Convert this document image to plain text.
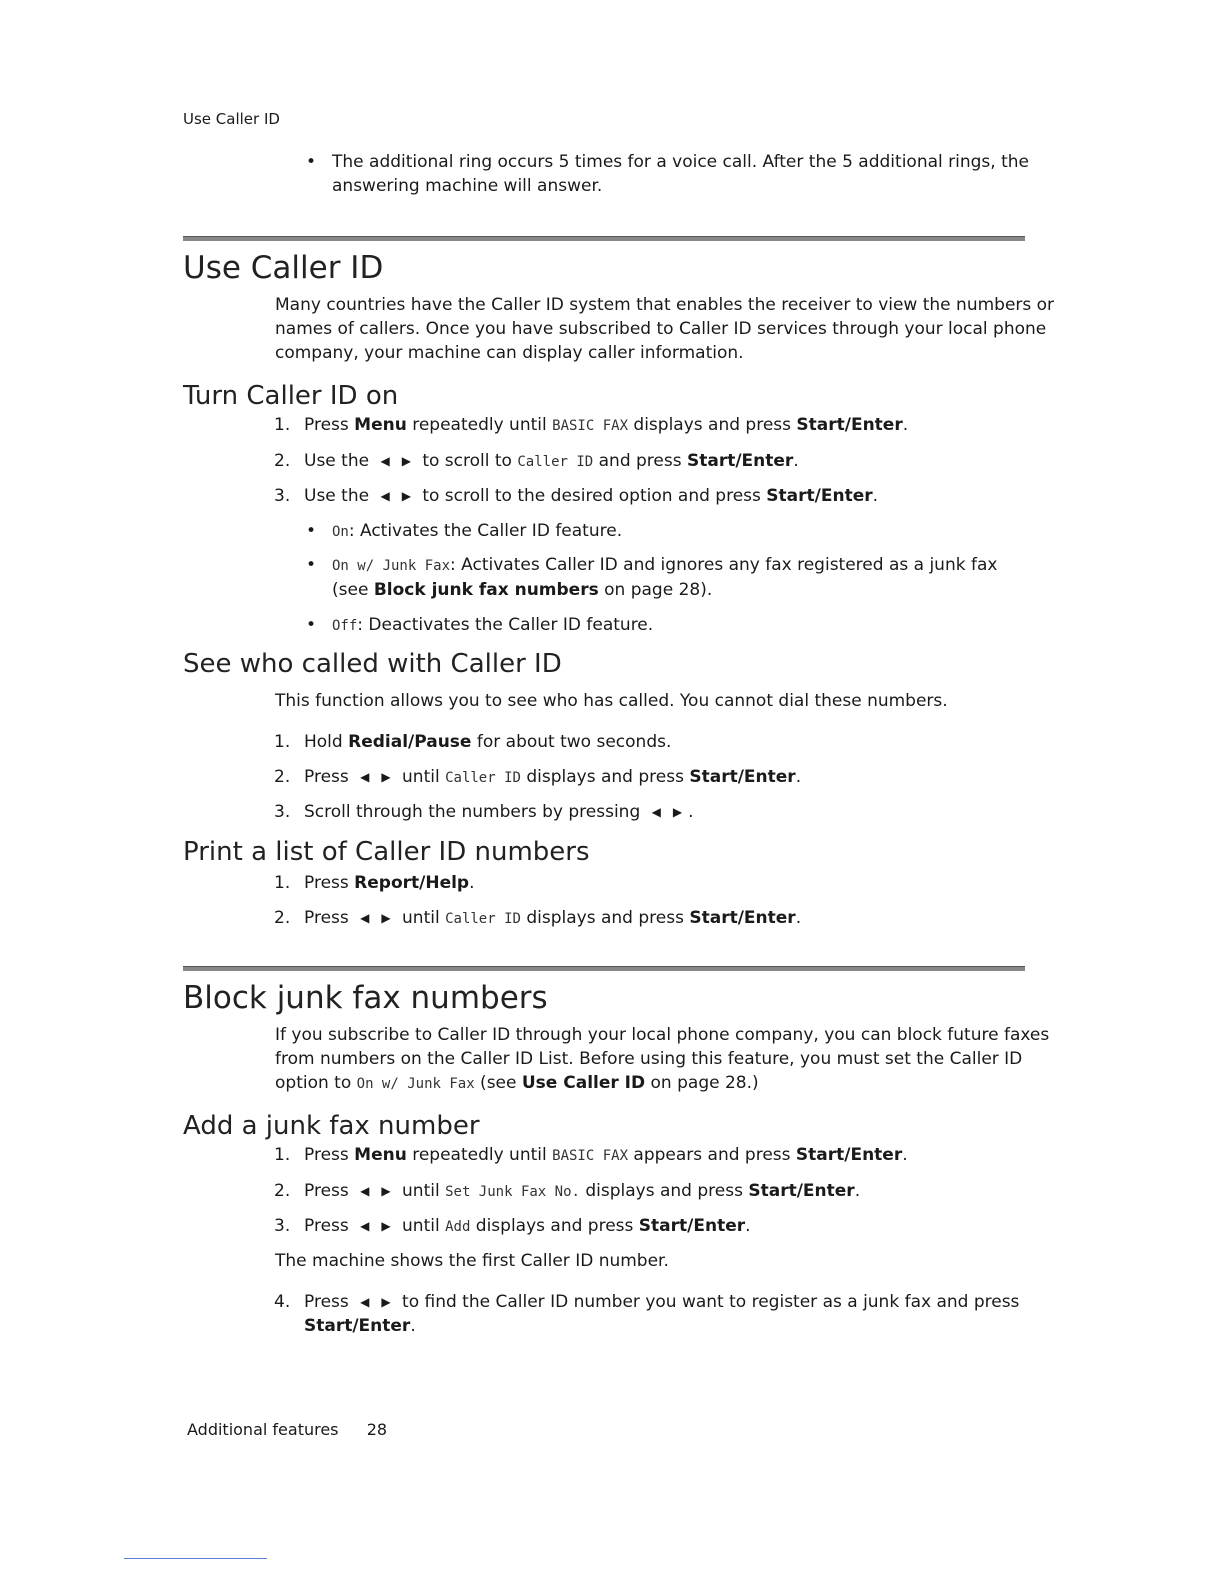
Use Caller ID
• The additional ring occurs 5 times for a voice call. After the 5 additional rings, the
answering machine will answer.
Use Caller ID
Many countries have the Caller ID system that enables the receiver to view the numbers or
names of callers. Once you have subscribed to Caller ID services through your local phone
company, your machine can display caller information.
Turn Caller ID on
1. Press Menu repeatedly until BASIC FAX displays and press Start/Enter.
2. Use the ◀ ▶ to scroll to Caller ID and press Start/Enter.
3. Use the ◀ ▶ to scroll to the desired option and press Start/Enter.
• On: Activates the Caller ID feature.
• On w/ Junk Fax: Activates Caller ID and ignores any fax registered as a junk fax
(see Block junk fax numbers on page 28).
• Off: Deactivates the Caller ID feature.
See who called with Caller ID
This function allows you to see who has called. You cannot dial these numbers.
1. Hold Redial/Pause for about two seconds.
2. Press ◀ ▶ until Caller ID displays and press Start/Enter.
3. Scroll through the numbers by pressing ◀ ▶ .
Print a list of Caller ID numbers
1. Press Report/Help.
2. Press ◀ ▶ until Caller ID displays and press Start/Enter.
Block junk fax numbers
If you subscribe to Caller ID through your local phone company, you can block future faxes
from numbers on the Caller ID List. Before using this feature, you must set the Caller ID
option to On w/ Junk Fax (see Use Caller ID on page 28.)
Add a junk fax number
1. Press Menu repeatedly until BASIC FAX appears and press Start/Enter.
2. Press ◀ ▶ until Set Junk Fax No. displays and press Start/Enter.
3. Press ◀ ▶ until Add displays and press Start/Enter.
The machine shows the first Caller ID number.
4. Press ◀ ▶ to find the Caller ID number you want to register as a junk fax and press
Start/Enter.
Additional features 28
